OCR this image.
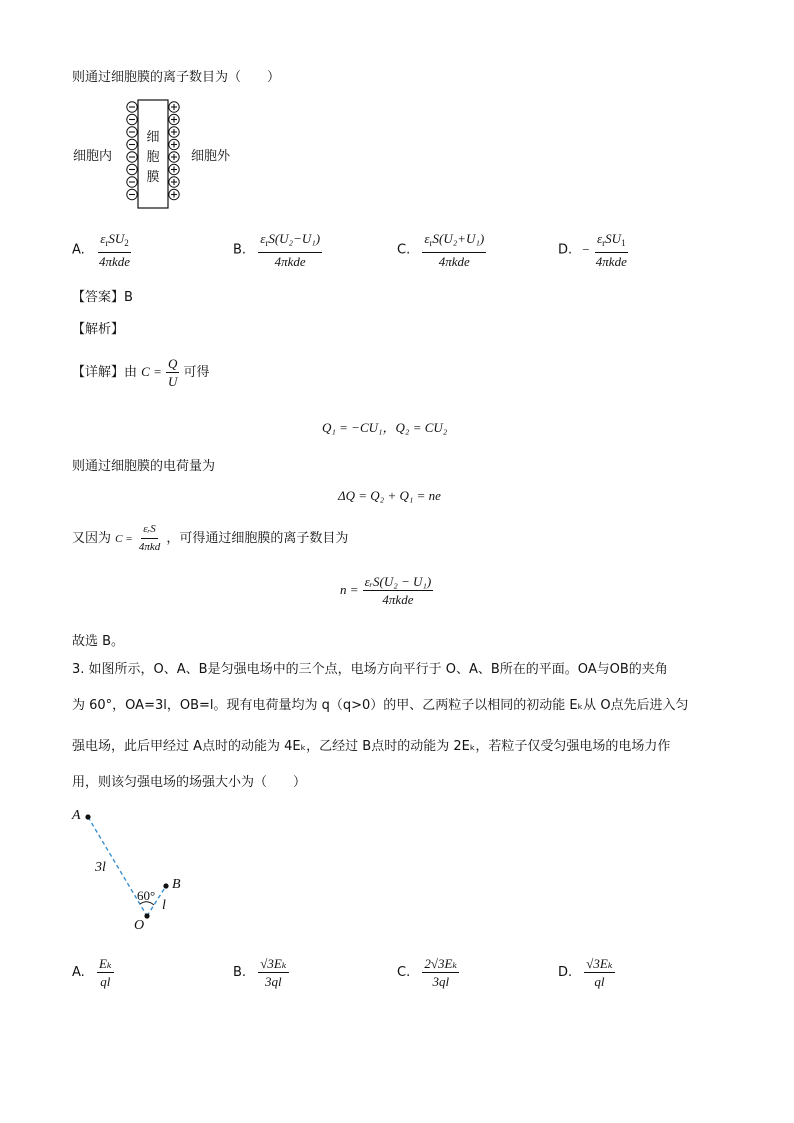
则通过细胞膜的离子数目为（　　）
细胞内	细胞外
细
胞
膜
A. $\frac{\varepsilon_rSU_2}{\text{4πkde}}$	B. $\frac{\varepsilon_rS(U_2-U_1)}{\text{4πkde}}$	C. $\frac{\varepsilon_rS(U_2+U_1)}{\text{4πkde}}$	D. − $\frac{\varepsilon_rSU_1}{\text{4πkde}}$
【答案】B
【解析】
【详解】由 $C = \frac{Q}{U}$ 可得
Q₁ = −CU₁，Q₂ = CU₂
则通过细胞膜的电荷量为
ΔQ = Q₂ + Q₁ = ne
又因为 $C = \frac{\text{εᵣS}}{\text{4πkd}}$ ，可得通过细胞膜的离子数目为
$n = \frac{\text{εᵣS(U₂ − U₁)}}{\text{4πkde}}$
故选 B。
3. 如图所示，O、A、B是匀强电场中的三个点，电场方向平行于 O、A、B所在的平面。OA与OB的夹角
为 60°，OA=3l，OB=l。现有电荷量均为 q（q>0）的甲、乙两粒子以相同的初动能 Eₖ从 O点先后进入匀
强电场，此后甲经过 A点时的动能为 4Eₖ，乙经过 B点时的动能为 2Eₖ，若粒子仅受匀强电场的电场力作
用，则该匀强电场的场强大小为（　　）
A
B
O
3l
l
60°
A. $\frac{\text{Eₖ}}{ql}$	B. $\frac{\text{√3Eₖ}}{3ql}$	C. $\frac{\text{2√3Eₖ}}{3ql}$	D. $\frac{\text{√3Eₖ}}{ql}$
